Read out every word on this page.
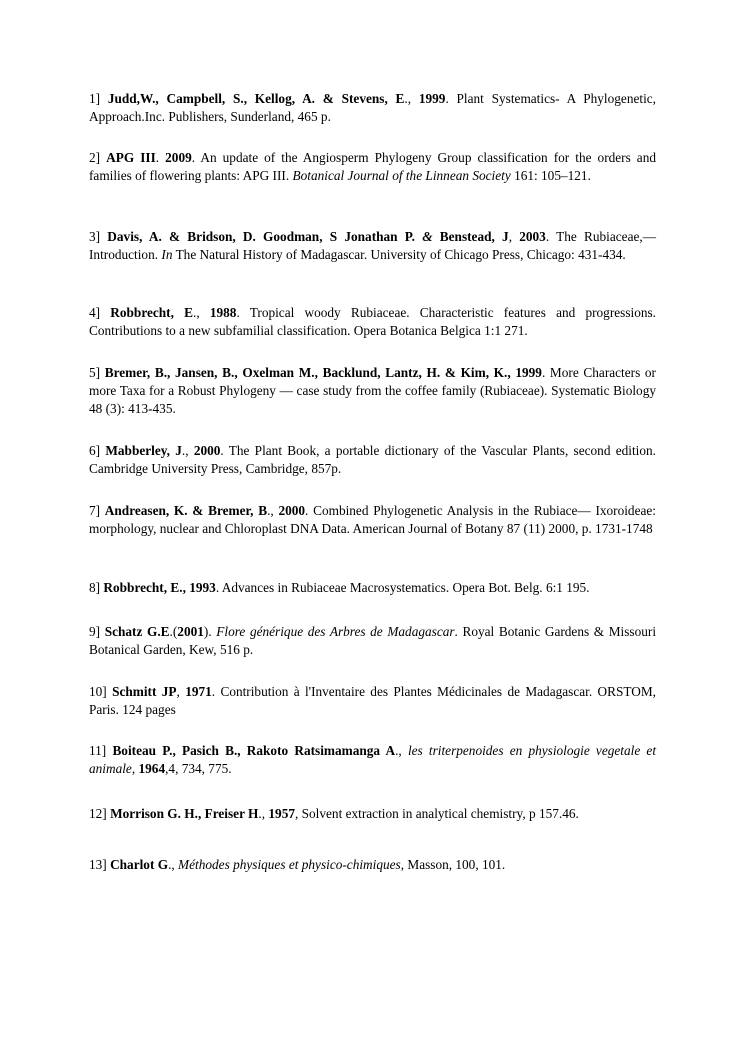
1] Judd,W., Campbell, S., Kellog, A. & Stevens, E., 1999. Plant Systematics- A Phylogenetic, Approach.Inc. Publishers, Sunderland, 465 p.

2] APG III. 2009. An update of the Angiosperm Phylogeny Group classification for the orders and families of flowering plants: APG III. Botanical Journal of the Linnean Society 161: 105–121.

3] Davis, A. & Bridson, D. Goodman, S Jonathan P. & Benstead, J, 2003. The Rubiaceae,—Introduction. In The Natural History of Madagascar. University of Chicago Press, Chicago: 431-434.

4] Robbrecht, E., 1988. Tropical woody Rubiaceae. Characteristic features and progressions. Contributions to a new subfamilial classification. Opera Botanica Belgica 1:1 271.

5] Bremer, B., Jansen, B., Oxelman M., Backlund, Lantz, H. & Kim, K., 1999. More Characters or more Taxa for a Robust Phylogeny — case study from the coffee family (Rubiaceae). Systematic Biology 48 (3): 413-435.

6] Mabberley, J., 2000. The Plant Book, a portable dictionary of the Vascular Plants, second edition. Cambridge University Press, Cambridge, 857p.

7] Andreasen, K. & Bremer, B., 2000. Combined Phylogenetic Analysis in the Rubiace— Ixoroideae: morphology, nuclear and Chloroplast DNA Data. American Journal of Botany 87 (11) 2000, p. 1731-1748

8] Robbrecht, E., 1993. Advances in Rubiaceae Macrosystematics. Opera Bot. Belg. 6:1 195.

9] Schatz G.E.(2001). Flore générique des Arbres de Madagascar. Royal Botanic Gardens & Missouri Botanical Garden, Kew, 516 p.

10] Schmitt JP, 1971. Contribution à l'Inventaire des Plantes Médicinales de Madagascar. ORSTOM, Paris. 124 pages

11] Boiteau P., Pasich B., Rakoto Ratsimamanga A., les triterpenoides en physiologie vegetale et animale, 1964,4, 734, 775.

12] Morrison G. H., Freiser H., 1957, Solvent extraction in analytical chemistry, p 157.46.

13] Charlot G., Méthodes physiques et physico-chimiques, Masson, 100, 101.
